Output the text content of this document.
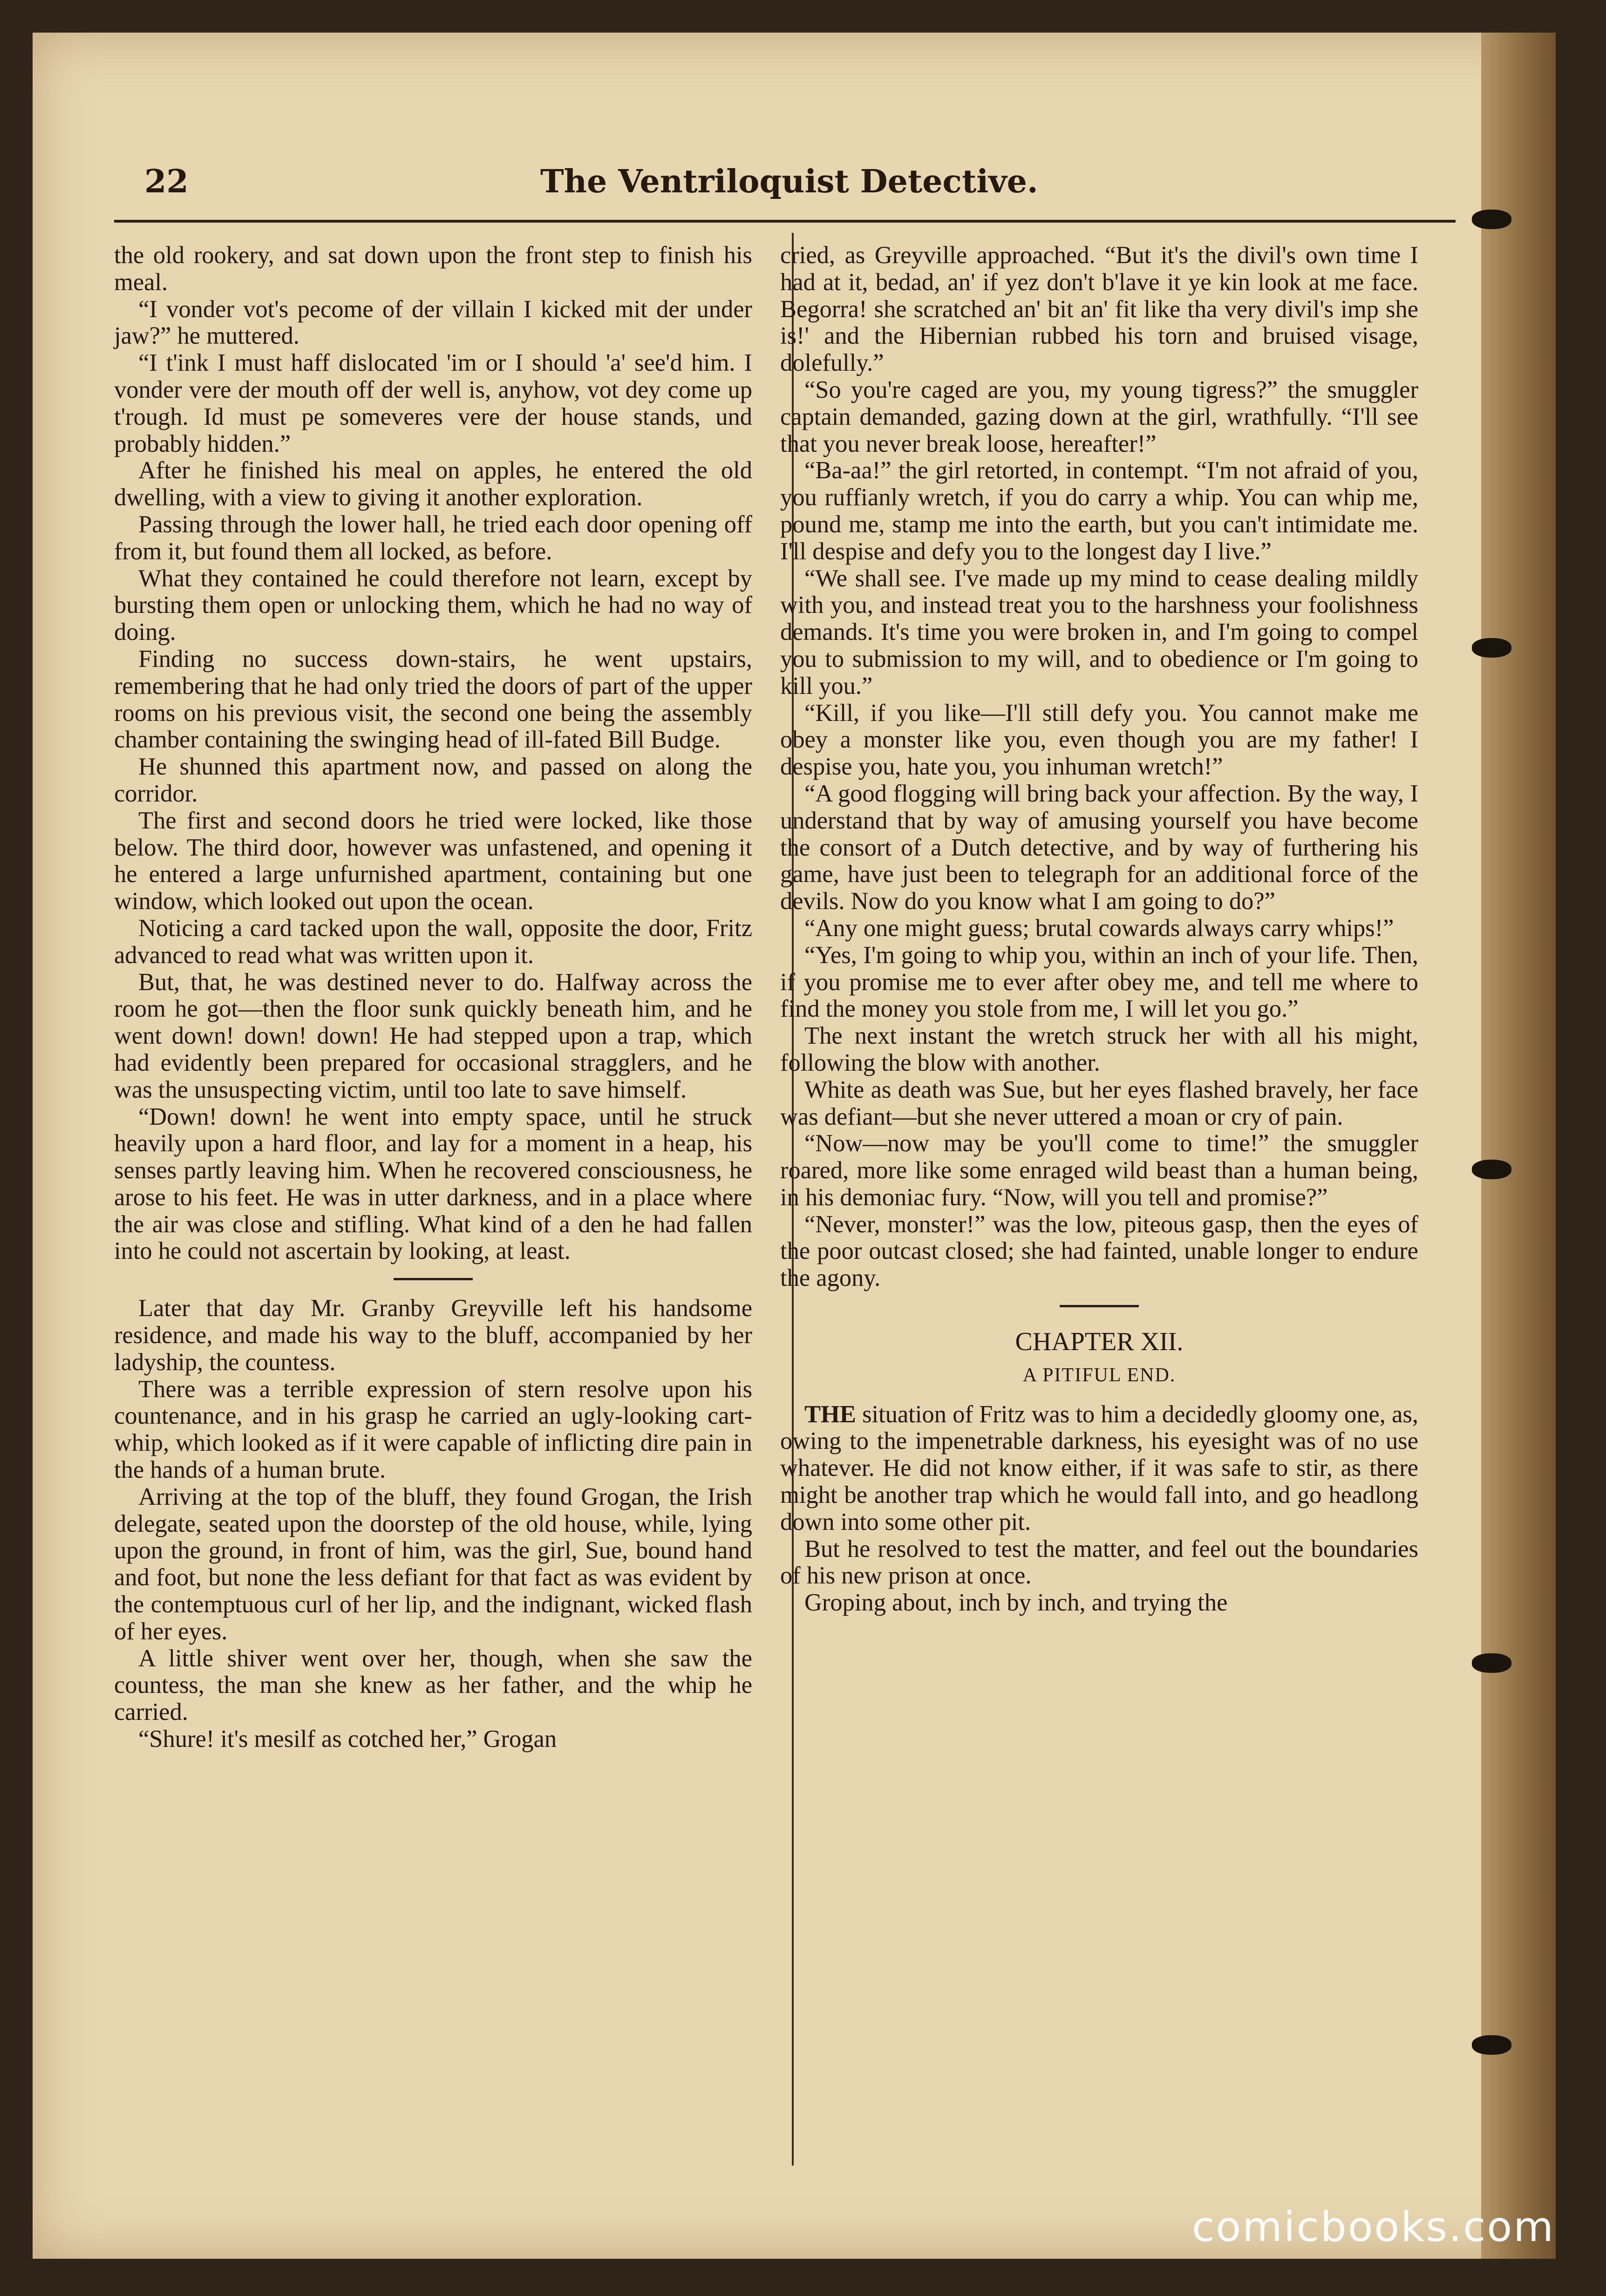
22	The Ventriloquist Detective.

the old rookery, and sat down upon the front step to finish his meal.

“I vonder vot's pecome of der villain I kicked mit der under jaw?” he muttered.

“I t'ink I must haff dislocated 'im or I should 'a' see'd him. I vonder vere der mouth off der well is, anyhow, vot dey come up t'rough. Id must pe someveres vere der house stands, und probably hidden.”

After he finished his meal on apples, he entered the old dwelling, with a view to giving it another exploration.

Passing through the lower hall, he tried each door opening off from it, but found them all locked, as before.

What they contained he could therefore not learn, except by bursting them open or unlocking them, which he had no way of doing.

Finding no success down-stairs, he went upstairs, remembering that he had only tried the doors of part of the upper rooms on his previous visit, the second one being the assembly chamber containing the swinging head of ill-fated Bill Budge.

He shunned this apartment now, and passed on along the corridor.

The first and second doors he tried were locked, like those below. The third door, however was unfastened, and opening it he entered a large unfurnished apartment, containing but one window, which looked out upon the ocean.

Noticing a card tacked upon the wall, opposite the door, Fritz advanced to read what was written upon it.

But, that, he was destined never to do. Halfway across the room he got—then the floor sunk quickly beneath him, and he went down! down! down! He had stepped upon a trap, which had evidently been prepared for occasional stragglers, and he was the unsuspecting victim, until too late to save himself.

“Down! down! he went into empty space, until he struck heavily upon a hard floor, and lay for a moment in a heap, his senses partly leaving him. When he recovered consciousness, he arose to his feet. He was in utter darkness, and in a place where the air was close and stifling. What kind of a den he had fallen into he could not ascertain by looking, at least.

Later that day Mr. Granby Greyville left his handsome residence, and made his way to the bluff, accompanied by her ladyship, the countess.

There was a terrible expression of stern resolve upon his countenance, and in his grasp he carried an ugly-looking cart-whip, which looked as if it were capable of inflicting dire pain in the hands of a human brute.

Arriving at the top of the bluff, they found Grogan, the Irish delegate, seated upon the doorstep of the old house, while, lying upon the ground, in front of him, was the girl, Sue, bound hand and foot, but none the less defiant for that fact as was evident by the contemptuous curl of her lip, and the indignant, wicked flash of her eyes.

A little shiver went over her, though, when she saw the countess, the man she knew as her father, and the whip he carried.

“Shure! it's mesilf as cotched her,” Grogan

cried, as Greyville approached. “But it's the divil's own time I had at it, bedad, an' if yez don't b'lave it ye kin look at me face. Begorra! she scratched an' bit an' fit like tha very divil's imp she is!' and the Hibernian rubbed his torn and bruised visage, dolefully.”

“So you're caged are you, my young tigress?” the smuggler captain demanded, gazing down at the girl, wrathfully. “I'll see that you never break loose, hereafter!”

“Ba-aa!” the girl retorted, in contempt. “I'm not afraid of you, you ruffianly wretch, if you do carry a whip. You can whip me, pound me, stamp me into the earth, but you can't intimidate me. I'll despise and defy you to the longest day I live.”

“We shall see. I've made up my mind to cease dealing mildly with you, and instead treat you to the harshness your foolishness demands. It's time you were broken in, and I'm going to compel you to submission to my will, and to obedience or I'm going to kill you.”

“Kill, if you like—I'll still defy you. You cannot make me obey a monster like you, even though you are my father! I despise you, hate you, you inhuman wretch!”

“A good flogging will bring back your affection. By the way, I understand that by way of amusing yourself you have become the consort of a Dutch detective, and by way of furthering his game, have just been to telegraph for an additional force of the devils. Now do you know what I am going to do?”

“Any one might guess; brutal cowards always carry whips!”

“Yes, I'm going to whip you, within an inch of your life. Then, if you promise me to ever after obey me, and tell me where to find the money you stole from me, I will let you go.”

The next instant the wretch struck her with all his might, following the blow with another.

White as death was Sue, but her eyes flashed bravely, her face was defiant—but she never uttered a moan or cry of pain.

“Now—now may be you'll come to time!” the smuggler roared, more like some enraged wild beast than a human being, in his demoniac fury. “Now, will you tell and promise?”

“Never, monster!” was the low, piteous gasp, then the eyes of the poor outcast closed; she had fainted, unable longer to endure the agony.

CHAPTER XII.
A PITIFUL END.

THE situation of Fritz was to him a decidedly gloomy one, as, owing to the impenetrable darkness, his eyesight was of no use whatever. He did not know either, if it was safe to stir, as there might be another trap which he would fall into, and go headlong down into some other pit.

But he resolved to test the matter, and feel out the boundaries of his new prison at once.

Groping about, inch by inch, and trying the

comicbooks.com
